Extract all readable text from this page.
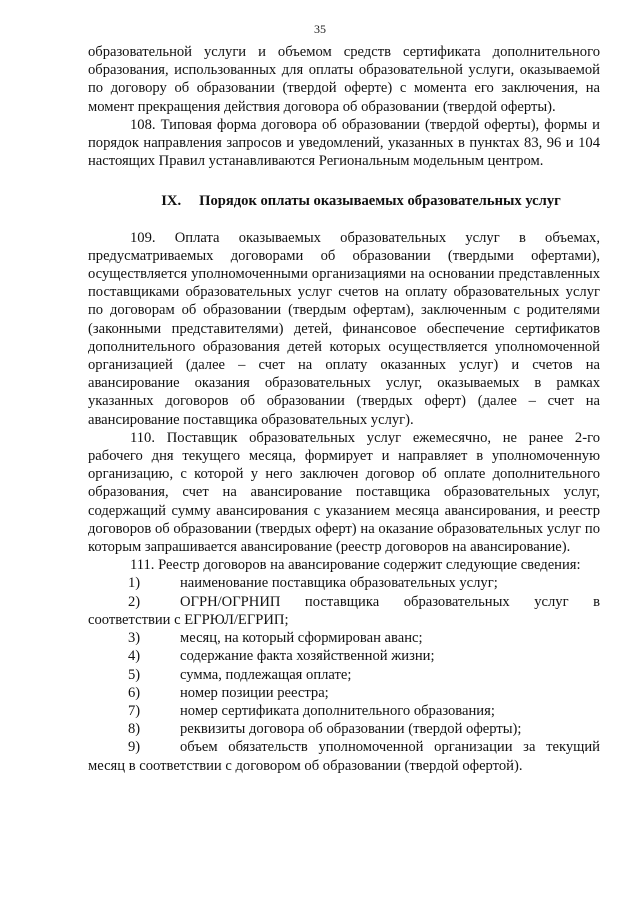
35

образовательной услуги и объемом средств сертификата дополнительного образования, использованных для оплаты образовательной услуги, оказываемой по договору об образовании (твердой оферте) с момента его заключения, на момент прекращения действия договора об образовании (твердой оферты).

108. Типовая форма договора об образовании (твердой оферты), формы и порядок направления запросов и уведомлений, указанных в пунктах 83, 96 и 104 настоящих Правил устанавливаются Региональным модельным центром.

IX. Порядок оплаты оказываемых образовательных услуг

109. Оплата оказываемых образовательных услуг в объемах, предусматриваемых договорами об образовании (твердыми офертами), осуществляется уполномоченными организациями на основании представленных поставщиками образовательных услуг счетов на оплату образовательных услуг по договорам об образовании (твердым офертам), заключенным с родителями (законными представителями) детей, финансовое обеспечение сертификатов дополнительного образования детей которых осуществляется уполномоченной организацией (далее – счет на оплату оказанных услуг) и счетов на авансирование оказания образовательных услуг, оказываемых в рамках указанных договоров об образовании (твердых оферт) (далее – счет на авансирование поставщика образовательных услуг).

110. Поставщик образовательных услуг ежемесячно, не ранее 2-го рабочего дня текущего месяца, формирует и направляет в уполномоченную организацию, с которой у него заключен договор об оплате дополнительного образования, счет на авансирование поставщика образовательных услуг, содержащий сумму авансирования с указанием месяца авансирования, и реестр договоров об образовании (твердых оферт) на оказание образовательных услуг по которым запрашивается авансирование (реестр договоров на авансирование).

111. Реестр договоров на авансирование содержит следующие сведения:

1)	наименование поставщика образовательных услуг;

2)	ОГРН/ОГРНИП поставщика образовательных услуг в соответствии с ЕГРЮЛ/ЕГРИП;

3)	месяц, на который сформирован аванс;
4)	содержание факта хозяйственной жизни;
5)	сумма, подлежащая оплате;
6)	номер позиции реестра;
7)	номер сертификата дополнительного образования;
8)	реквизиты договора об образовании (твердой оферты);

9)	объем обязательств уполномоченной организации за текущий месяц в соответствии с договором об образовании (твердой офертой).
